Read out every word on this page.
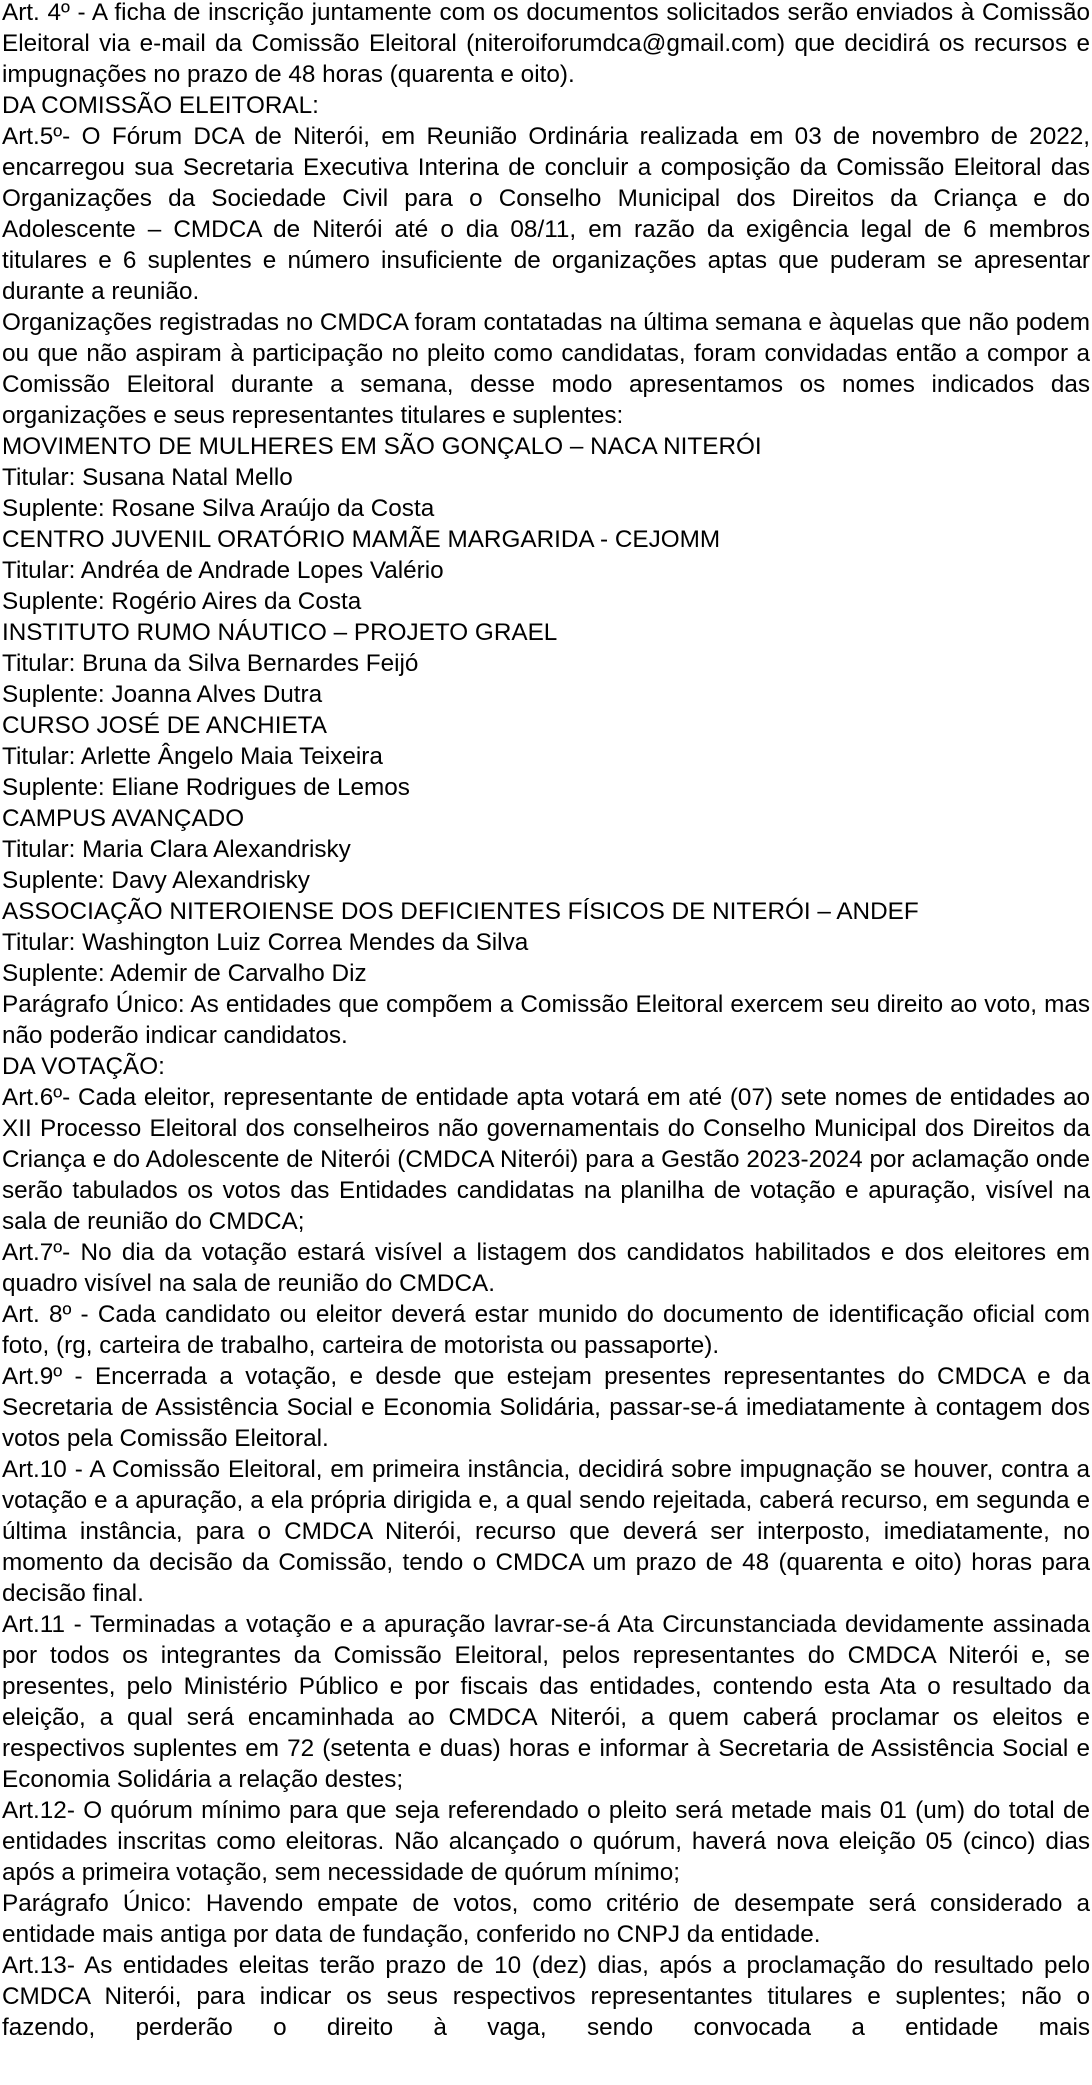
Art. 4º - A ficha de inscrição juntamente com os documentos solicitados serão enviados à Comissão Eleitoral via e-mail da Comissão Eleitoral (niteroiforumdca@gmail.com) que decidirá os recursos e impugnações no prazo de 48 horas (quarenta e oito).

DA COMISSÃO ELEITORAL:

Art.5º- O Fórum DCA de Niterói, em Reunião Ordinária realizada em 03 de novembro de 2022, encarregou sua Secretaria Executiva Interina de concluir a composição da Comissão Eleitoral das Organizações da Sociedade Civil para o Conselho Municipal dos Direitos da Criança e do Adolescente – CMDCA de Niterói até o dia 08/11, em razão da exigência legal de 6 membros titulares e 6 suplentes e número insuficiente de organizações aptas que puderam se apresentar durante a reunião.

Organizações registradas no CMDCA foram contatadas na última semana e àquelas que não podem ou que não aspiram à participação no pleito como candidatas, foram convidadas então a compor a Comissão Eleitoral durante a semana, desse modo apresentamos os nomes indicados das organizações e seus representantes titulares e suplentes:

MOVIMENTO DE MULHERES EM SÃO GONÇALO – NACA NITERÓI

Titular: Susana Natal Mello

Suplente: Rosane Silva Araújo da Costa

CENTRO JUVENIL ORATÓRIO MAMÃE MARGARIDA - CEJOMM

Titular: Andréa de Andrade Lopes Valério

Suplente: Rogério Aires da Costa

INSTITUTO RUMO NÁUTICO – PROJETO GRAEL

Titular: Bruna da Silva Bernardes Feijó

Suplente: Joanna Alves Dutra

CURSO JOSÉ DE ANCHIETA

Titular: Arlette Ângelo Maia Teixeira

Suplente: Eliane Rodrigues de Lemos

CAMPUS AVANÇADO

Titular: Maria Clara Alexandrisky

Suplente: Davy Alexandrisky

ASSOCIAÇÃO NITEROIENSE DOS DEFICIENTES FÍSICOS DE NITERÓI – ANDEF

Titular: Washington Luiz Correa Mendes da Silva

Suplente: Ademir de Carvalho Diz

Parágrafo Único: As entidades que compõem a Comissão Eleitoral exercem seu direito ao voto, mas não poderão indicar candidatos.

DA VOTAÇÃO:

Art.6º- Cada eleitor, representante de entidade apta votará em até (07) sete nomes de entidades ao XII Processo Eleitoral dos conselheiros não governamentais do Conselho Municipal dos Direitos da Criança e do Adolescente de Niterói (CMDCA Niterói) para a Gestão 2023-2024 por aclamação onde serão tabulados os votos das Entidades candidatas na planilha de votação e apuração, visível na sala de reunião do CMDCA;

Art.7º- No dia da votação estará visível a listagem dos candidatos habilitados e dos eleitores em quadro visível na sala de reunião do CMDCA.

Art. 8º - Cada candidato ou eleitor deverá estar munido do documento de identificação oficial com foto, (rg, carteira de trabalho, carteira de motorista ou passaporte).

Art.9º - Encerrada a votação, e desde que estejam presentes representantes do CMDCA e da Secretaria de Assistência Social e Economia Solidária, passar-se-á imediatamente à contagem dos votos pela Comissão Eleitoral.

Art.10 - A Comissão Eleitoral, em primeira instância, decidirá sobre impugnação se houver, contra a votação e a apuração, a ela própria dirigida e, a qual sendo rejeitada, caberá recurso, em segunda e última instância, para o CMDCA Niterói, recurso que deverá ser interposto, imediatamente, no momento da decisão da Comissão, tendo o CMDCA um prazo de 48 (quarenta e oito) horas para decisão final.

Art.11 - Terminadas a votação e a apuração lavrar-se-á Ata Circunstanciada devidamente assinada por todos os integrantes da Comissão Eleitoral, pelos representantes do CMDCA Niterói e, se presentes, pelo Ministério Público e por fiscais das entidades, contendo esta Ata o resultado da eleição, a qual será encaminhada ao CMDCA Niterói, a quem caberá proclamar os eleitos e respectivos suplentes em 72 (setenta e duas) horas e informar à Secretaria de Assistência Social e Economia Solidária a relação destes;

Art.12- O quórum mínimo para que seja referendado o pleito será metade mais 01 (um) do total de entidades inscritas como eleitoras. Não alcançado o quórum, haverá nova eleição 05 (cinco) dias após a primeira votação, sem necessidade de quórum mínimo;

Parágrafo Único: Havendo empate de votos, como critério de desempate será considerado a entidade mais antiga por data de fundação, conferido no CNPJ da entidade.

Art.13- As entidades eleitas terão prazo de 10 (dez) dias, após a proclamação do resultado pelo CMDCA Niterói, para indicar os seus respectivos representantes titulares e suplentes; não o fazendo, perderão o direito à vaga, sendo convocada a entidade mais
